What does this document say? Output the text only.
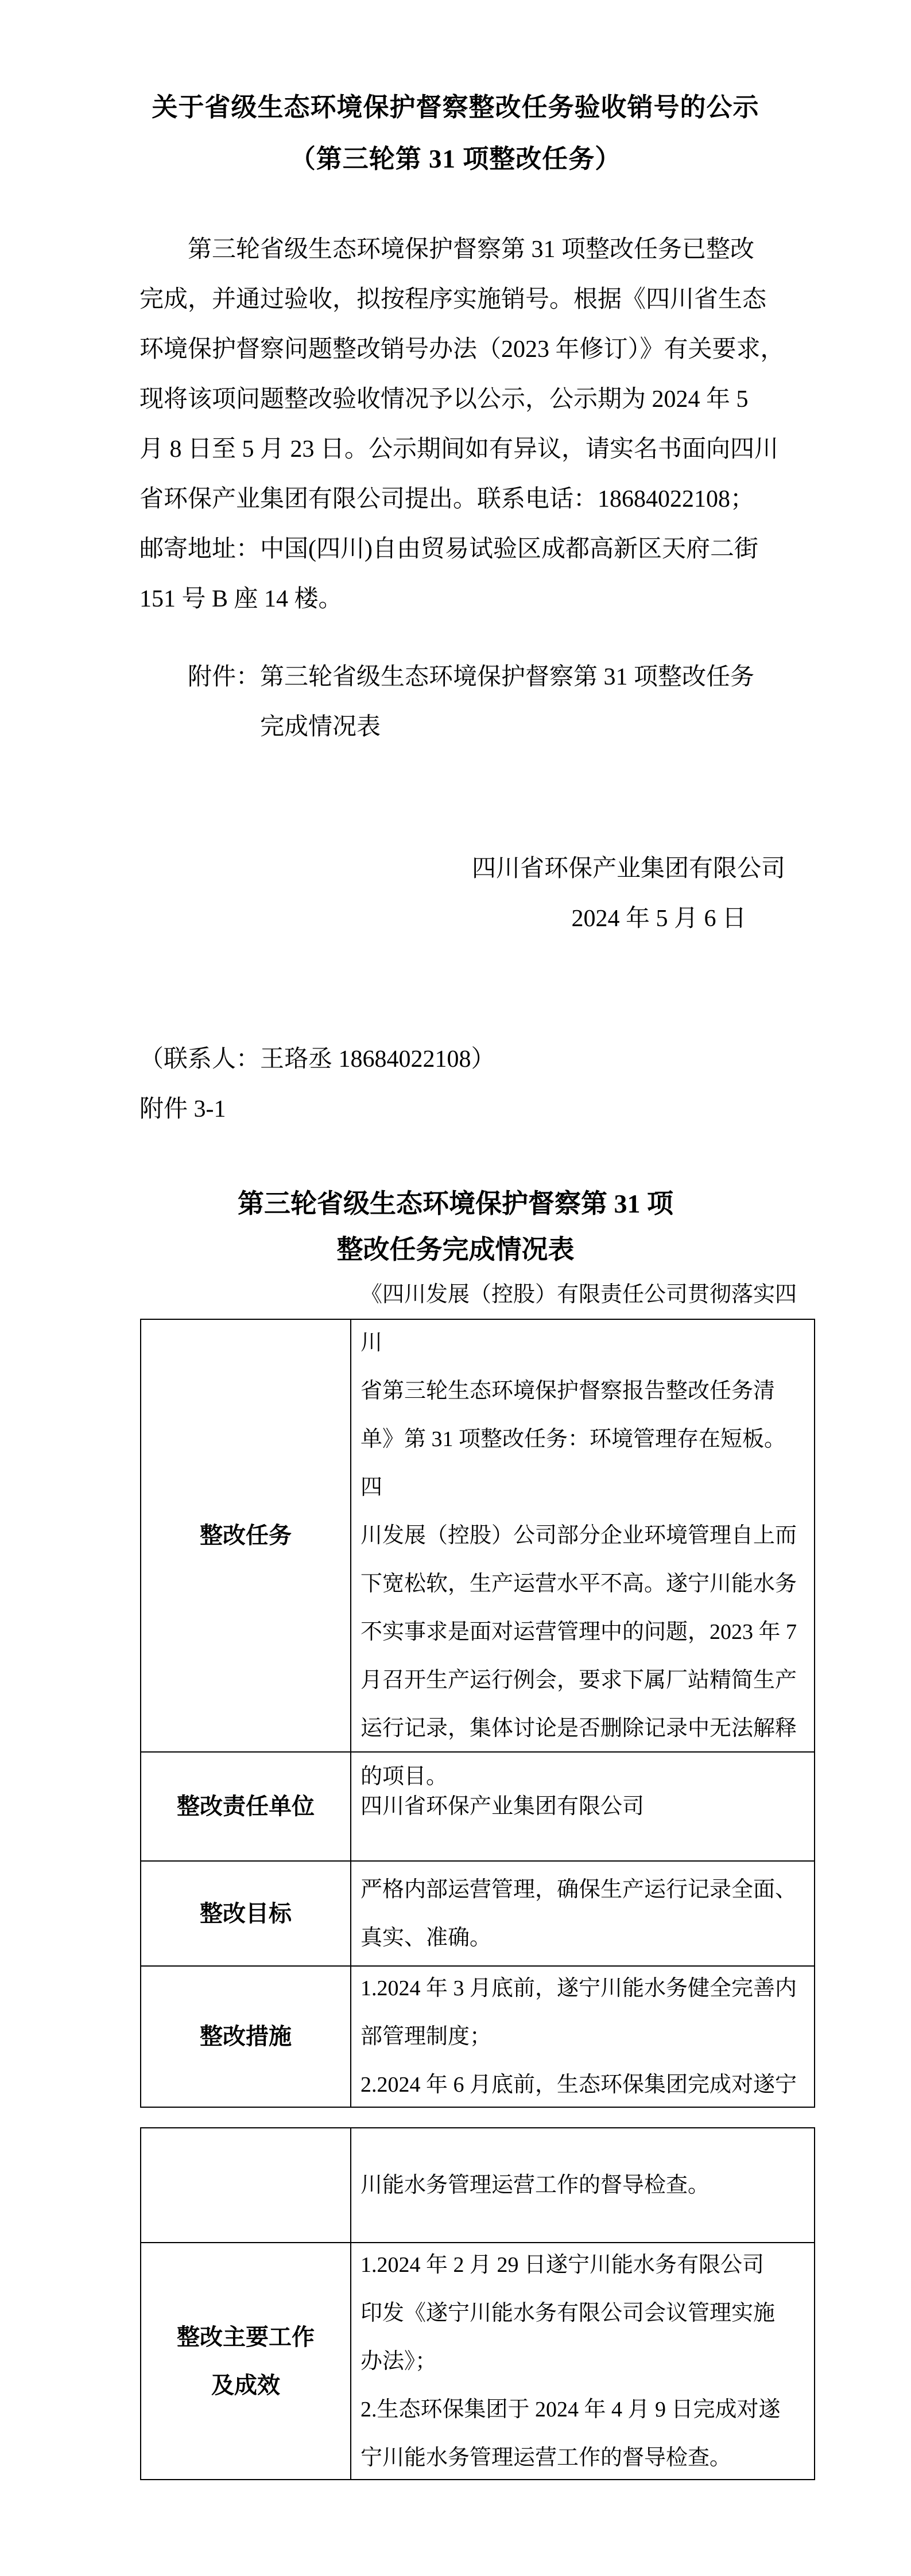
关于省级生态环境保护督察整改任务验收销号的公示
（第三轮第 31 项整改任务）
第三轮省级生态环境保护督察第 31 项整改任务已整改
完成，并通过验收，拟按程序实施销号。根据《四川省生态
环境保护督察问题整改销号办法（2023 年修订）》有关要求，
现将该项问题整改验收情况予以公示，公示期为 2024 年 5
月 8 日至 5 月 23 日。公示期间如有异议，请实名书面向四川
省环保产业集团有限公司提出。联系电话：18684022108；
邮寄地址：中国(四川)自由贸易试验区成都高新区天府二街
151 号 B 座 14 楼。
附件：第三轮省级生态环境保护督察第 31 项整改任务
完成情况表
四川省环保产业集团有限公司
2024 年 5 月 6 日
（联系人：王珞丞 18684022108）
附件 3-1
第三轮省级生态环境保护督察第 31 项
整改任务完成情况表
整改任务
《四川发展（控股）有限责任公司贯彻落实四川
省第三轮生态环境保护督察报告整改任务清
单》第 31 项整改任务：环境管理存在短板。四
川发展（控股）公司部分企业环境管理自上而
下宽松软，生产运营水平不高。遂宁川能水务
不实事求是面对运营管理中的问题，2023 年 7
月召开生产运行例会，要求下属厂站精简生产
运行记录，集体讨论是否删除记录中无法解释
的项目。
整改责任单位	四川省环保产业集团有限公司
整改目标
严格内部运营管理，确保生产运行记录全面、
真实、准确。
整改措施
1.2024 年 3 月底前，遂宁川能水务健全完善内
部管理制度；
2.2024 年 6 月底前，生态环保集团完成对遂宁
川能水务管理运营工作的督导检查。
整改主要工作
及成效
1.2024 年 2 月 29 日遂宁川能水务有限公司
印发《遂宁川能水务有限公司会议管理实施
办法》；
2.生态环保集团于 2024 年 4 月 9 日完成对遂
宁川能水务管理运营工作的督导检查。
